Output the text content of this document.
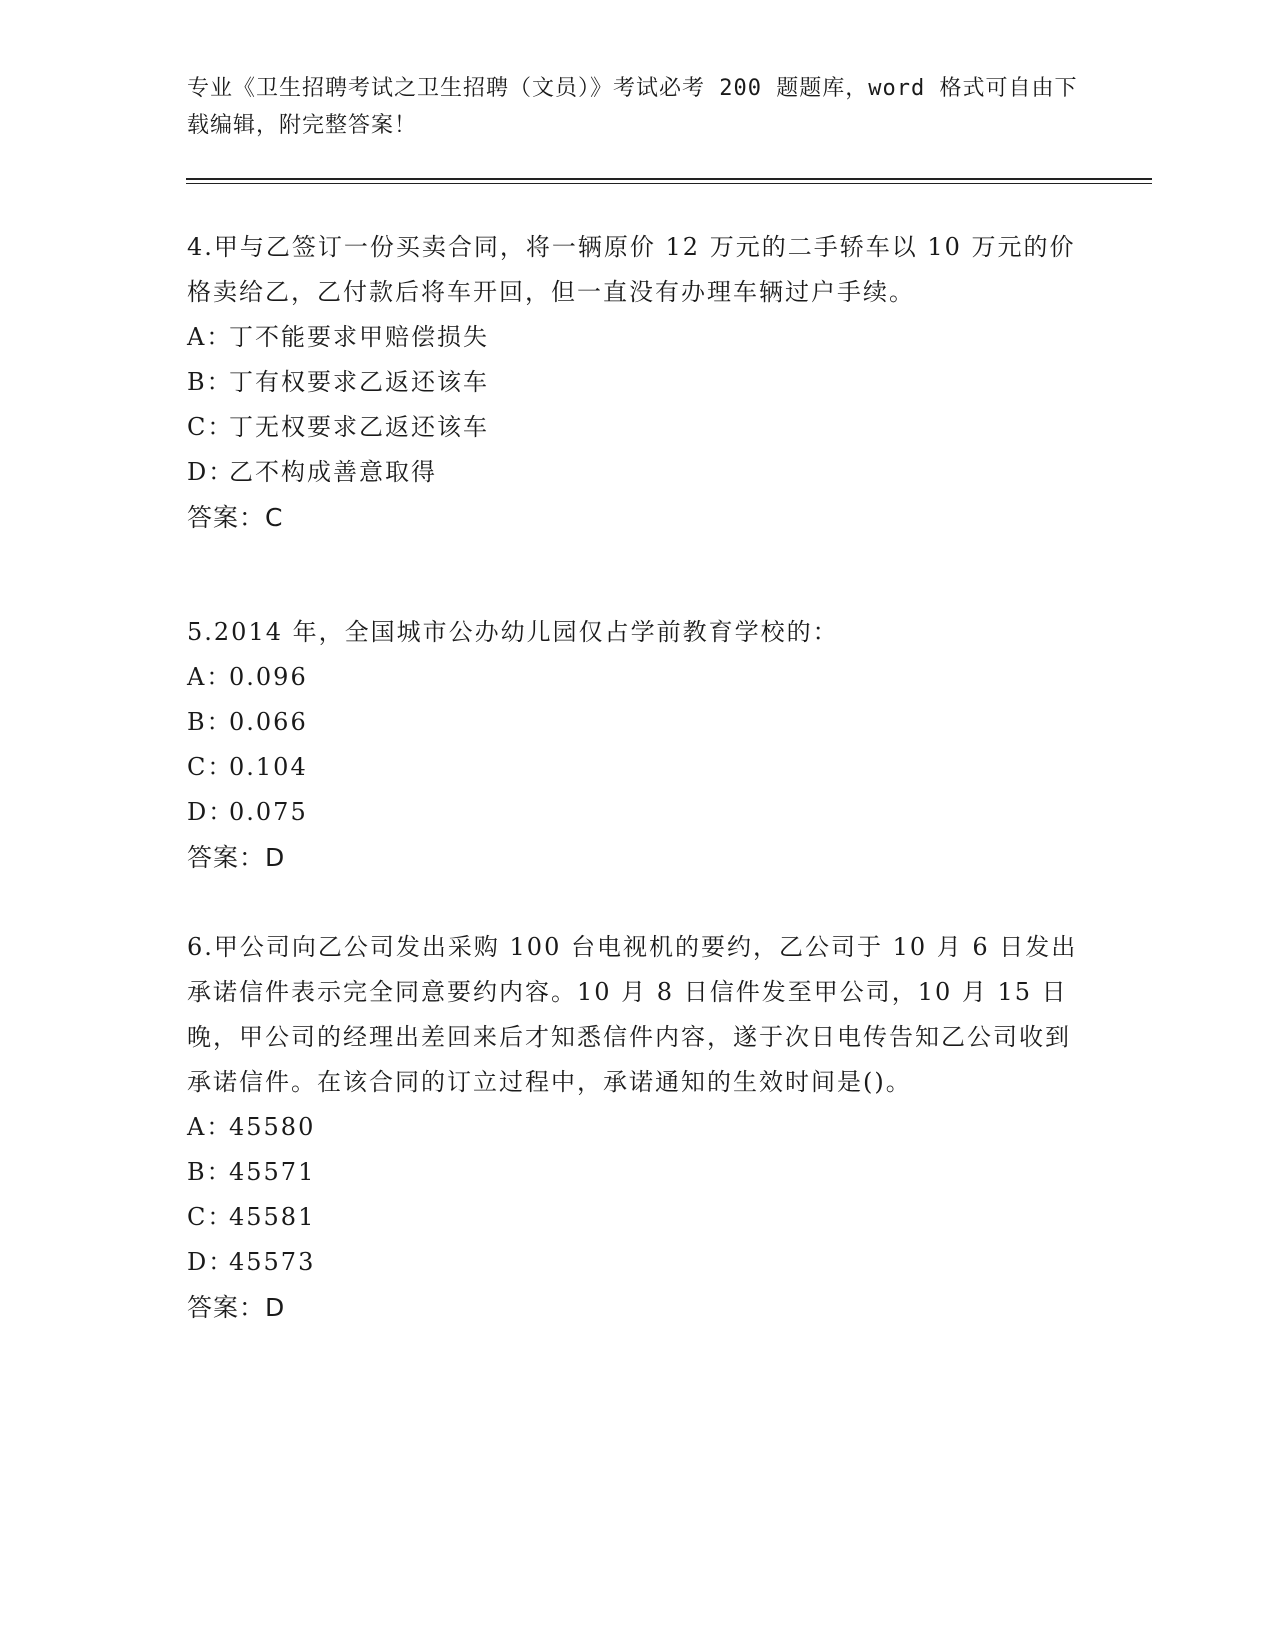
专业《卫生招聘考试之卫生招聘（文员）》考试必考 200 题题库，word 格式可自由下载编辑，附完整答案！

4.甲与乙签订一份买卖合同，将一辆原价 12 万元的二手轿车以 10 万元的价格卖给乙，乙付款后将车开回，但一直没有办理车辆过户手续。

A：丁不能要求甲赔偿损失

B：丁有权要求乙返还该车

C：丁无权要求乙返还该车

D：乙不构成善意取得

答案：C

5.2014 年，全国城市公办幼儿园仅占学前教育学校的：

A：0.096

B：0.066

C：0.104

D：0.075

答案：D

6.甲公司向乙公司发出采购 100 台电视机的要约，乙公司于 10 月 6 日发出承诺信件表示完全同意要约内容。10 月 8 日信件发至甲公司，10 月 15 日晚，甲公司的经理出差回来后才知悉信件内容，遂于次日电传告知乙公司收到承诺信件。在该合同的订立过程中，承诺通知的生效时间是()。

A：45580

B：45571

C：45581

D：45573

答案：D
